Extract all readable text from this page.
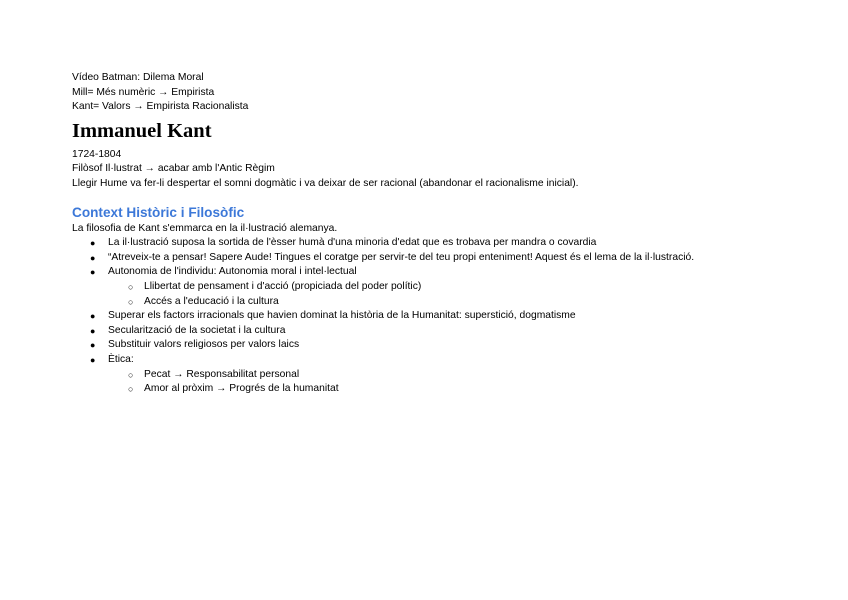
Vídeo Batman: Dilema Moral
Mill= Més numèric → Empirista
Kant= Valors → Empirista Racionalista
Immanuel Kant
1724-1804
Filòsof Il·lustrat → acabar amb l'Antic Règim
Llegir Hume va fer-li despertar el somni dogmàtic i va deixar de ser racional (abandonar el racionalisme inicial).
Context Històric i Filosòfic
La filosofia de Kant s'emmarca en la il·lustració alemanya.
● La il·lustració suposa la sortida de l'èsser humà d'una minoria d'edat que es trobava per mandra o covardia
● “Atreveix-te a pensar! Sapere Aude! Tingues el coratge per servir-te del teu propi enteniment! Aquest és el lema de la il·lustració.
● Autonomia de l'individu: Autonomia moral i intel·lectual
○ Llibertat de pensament i d'acció (propiciada del poder polític)
○ Accés a l'educació i la cultura
● Superar els factors irracionals que havien dominat la història de la Humanitat: superstició, dogmatisme
● Secularització de la societat i la cultura
● Substituir valors religiosos per valors laics
● Ètica:
○ Pecat → Responsabilitat personal
○ Amor al pròxim → Progrés de la humanitat
